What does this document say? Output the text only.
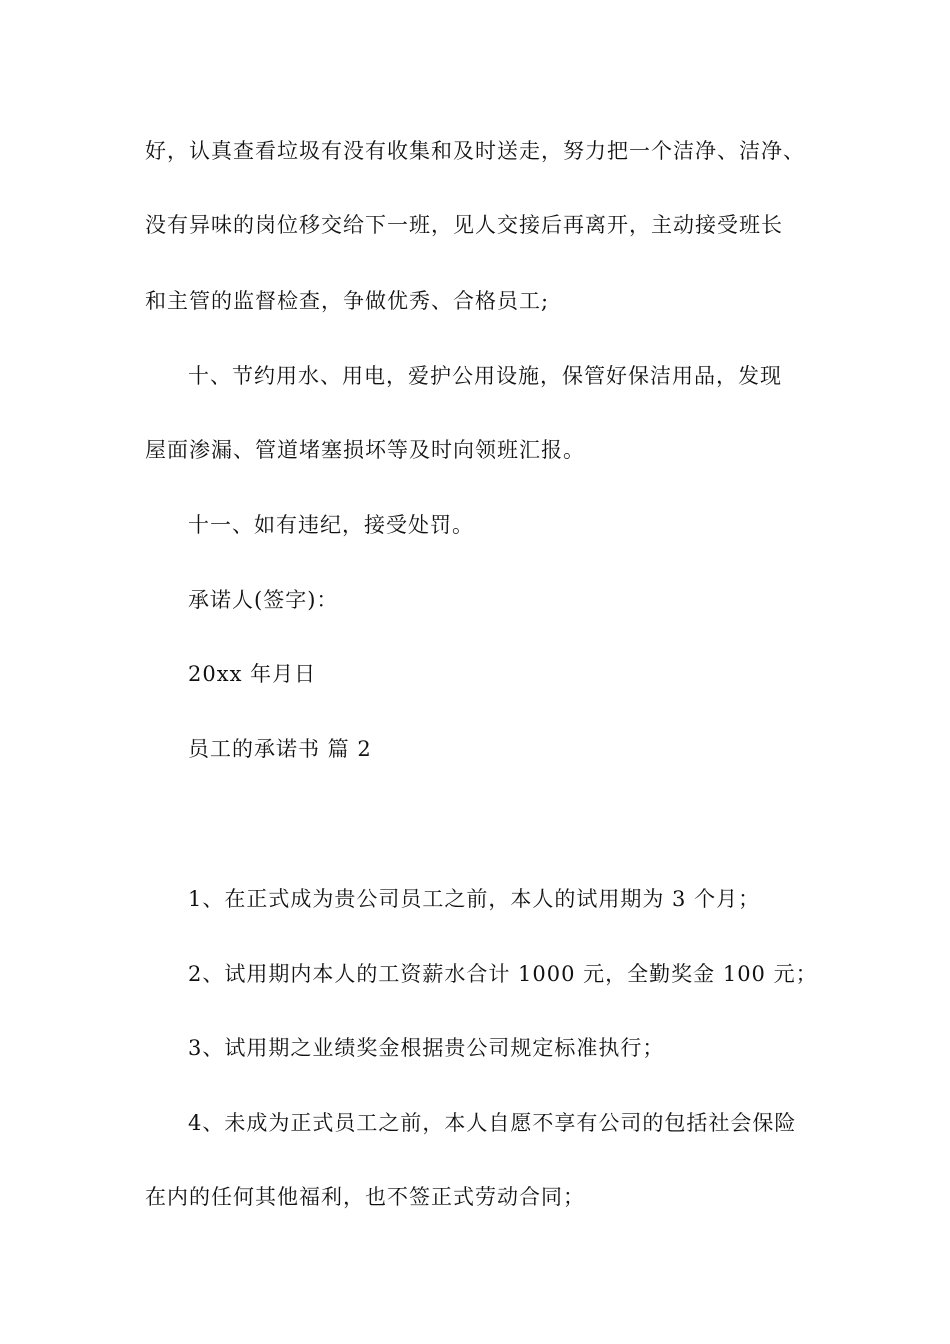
好，认真查看垃圾有没有收集和及时送走，努力把一个洁净、洁净、
没有异味的岗位移交给下一班，见人交接后再离开，主动接受班长
和主管的监督检查，争做优秀、合格员工;
十、节约用水、用电，爱护公用设施，保管好保洁用品，发现
屋面渗漏、管道堵塞损坏等及时向领班汇报。
十一、如有违纪，接受处罚。
承诺人(签字)：
20xx 年月日
员工的承诺书 篇 2
1、在正式成为贵公司员工之前，本人的试用期为 3 个月；
2、试用期内本人的工资薪水合计 1000 元，全勤奖金 100 元；
3、试用期之业绩奖金根据贵公司规定标准执行；
4、未成为正式员工之前，本人自愿不享有公司的包括社会保险
在内的任何其他福利，也不签正式劳动合同；
